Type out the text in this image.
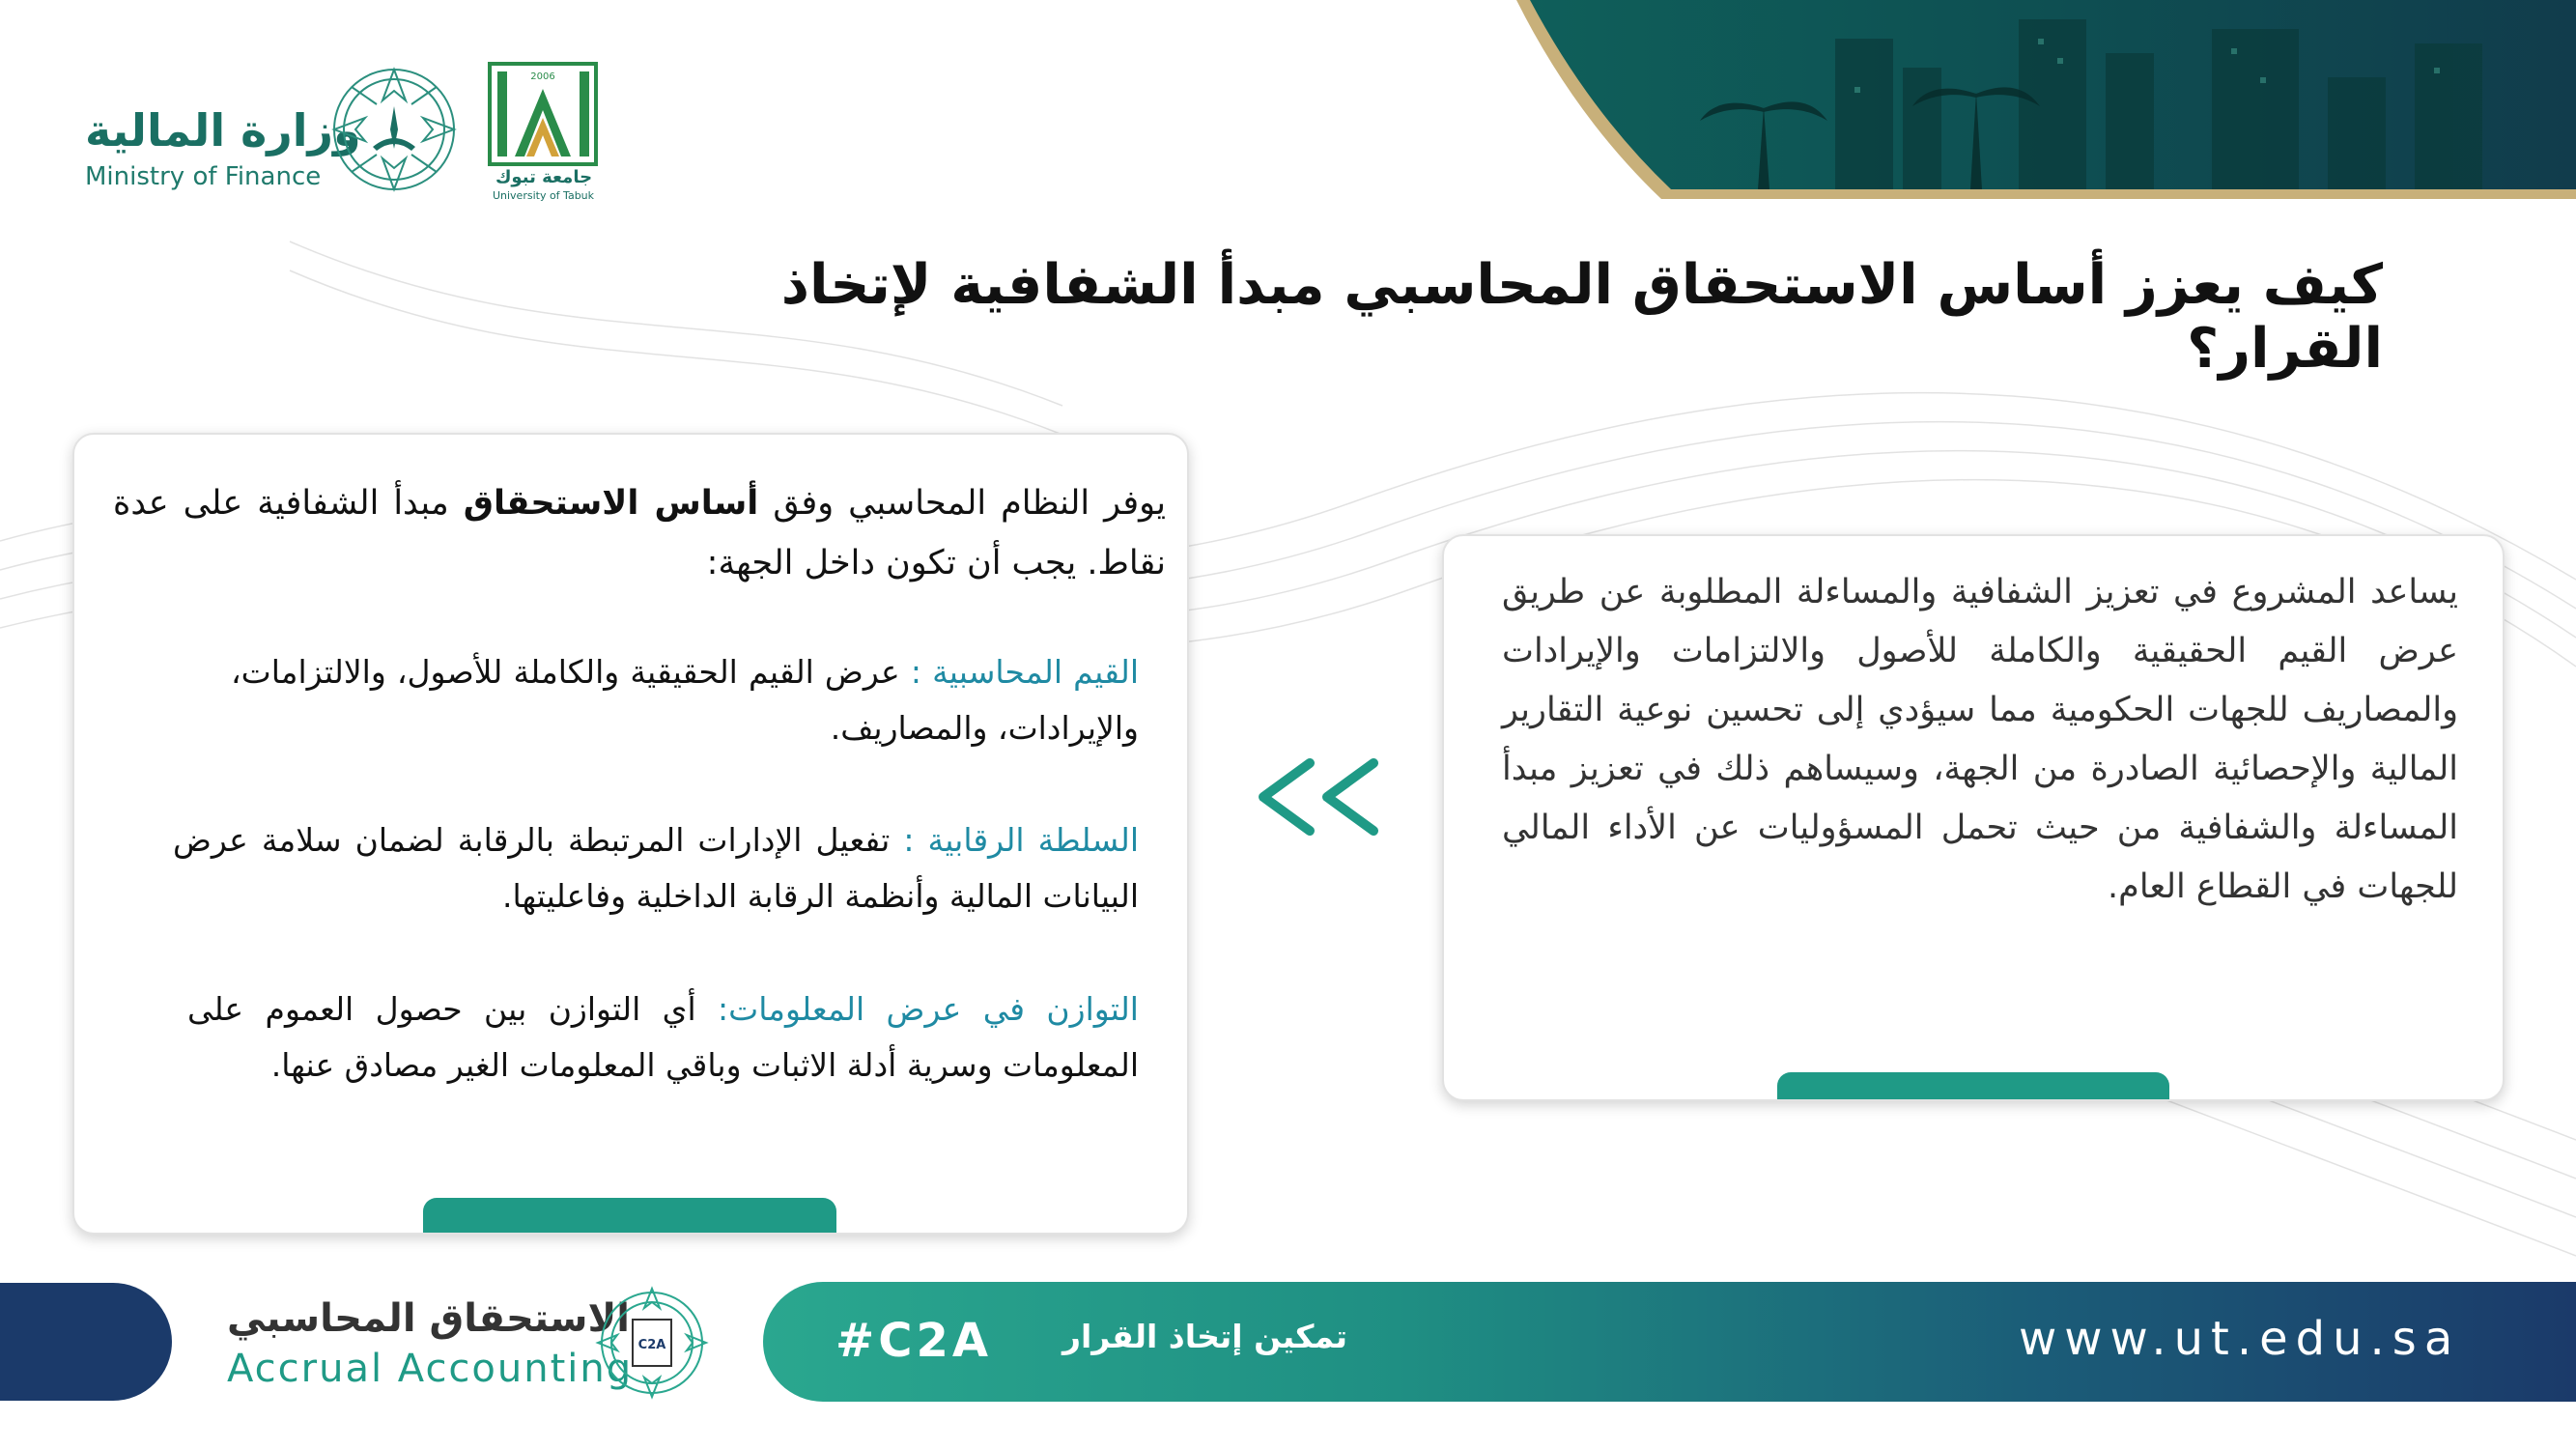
وزارة المالية
Ministry of Finance
2006
جامعة تبوك
University of Tabuk
كيف يعزز أساس الاستحقاق المحاسبي مبدأ الشفافية لإتخاذ القرار؟
يوفر النظام المحاسبي وفق أساس الاستحقاق مبدأ الشفافية على عدة نقاط. يجب أن تكون داخل الجهة:
القيم المحاسبية : عرض القيم الحقيقية والكاملة للأصول، والالتزامات، والإيرادات، والمصاريف.
السلطة الرقابية : تفعيل الإدارات المرتبطة بالرقابة لضمان سلامة عرض البيانات المالية وأنظمة الرقابة الداخلية وفاعليتها.
التوازن في عرض المعلومات: أي التوازن بين حصول العموم على المعلومات وسرية أدلة الاثبات وباقي المعلومات الغير مصادق عنها.
يساعد المشروع في تعزيز الشفافية والمساءلة المطلوبة عن طريق عرض القيم الحقيقية والكاملة للأصول والالتزامات والإيرادات والمصاريف للجهات الحكومية مما سيؤدي إلى تحسين نوعية التقارير المالية والإحصائية الصادرة من الجهة، وسيساهم ذلك في تعزيز مبدأ المساءلة والشفافية من حيث تحمل المسؤوليات عن الأداء المالي للجهات في القطاع العام.
الاستحقاق المحاسبي
Accrual Accounting
C2A	#C2A تمكين إتخاذ القرار	www.ut.edu.sa
